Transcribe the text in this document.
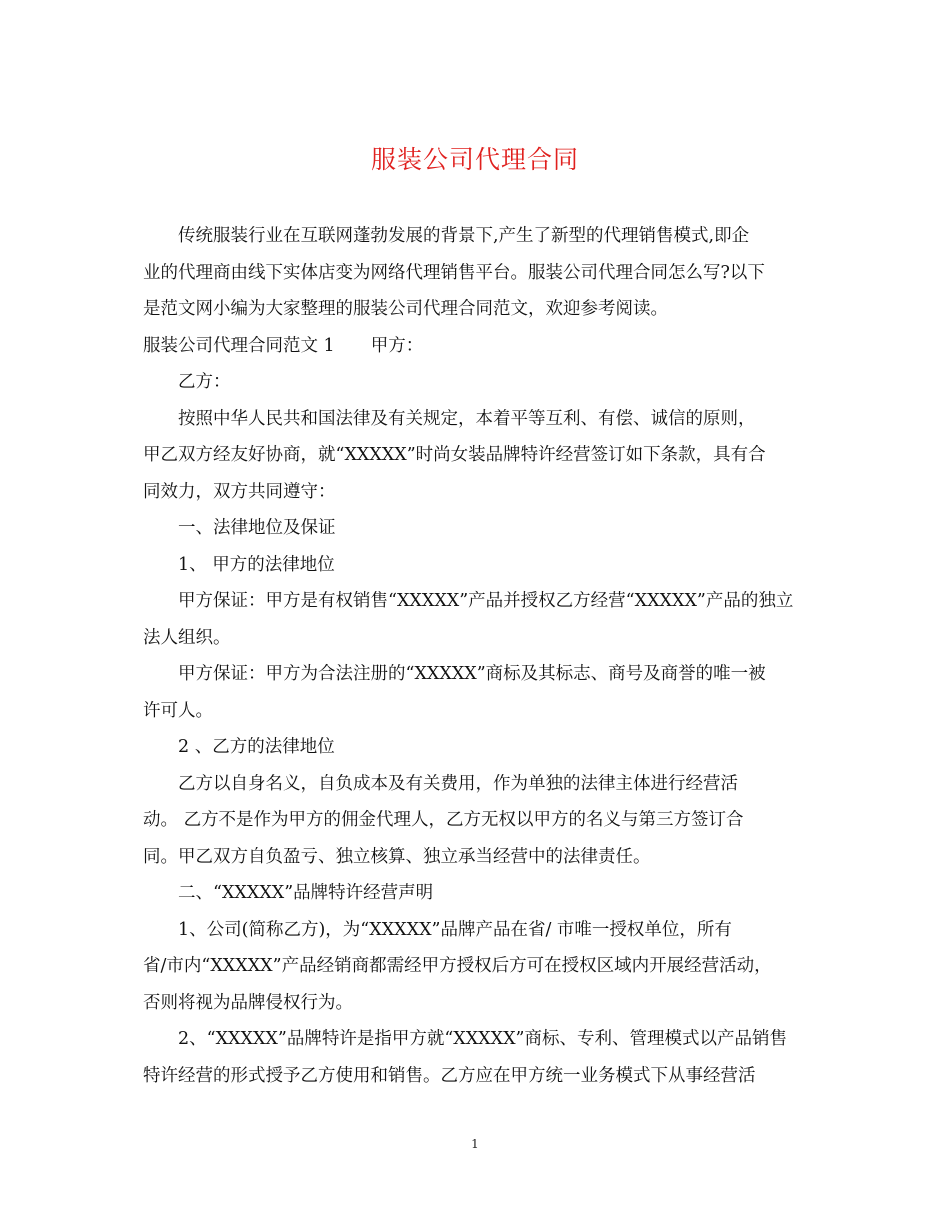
服装公司代理合同
传统服装行业在互联网蓬勃发展的背景下,产生了新型的代理销售模式,即企
业的代理商由线下实体店变为网络代理销售平台。服装公司代理合同怎么写?以下
是范文网小编为大家整理的服装公司代理合同范文，欢迎参考阅读。
服装公司代理合同范文 1 甲方：
乙方：
按照中华人民共和国法律及有关规定，本着平等互利、有偿、诚信的原则，
甲乙双方经友好协商，就“XXXXX”时尚女装品牌特许经营签订如下条款，具有合
同效力，双方共同遵守：
一、法律地位及保证
1、 甲方的法律地位
甲方保证：甲方是有权销售“XXXXX”产品并授权乙方经营“XXXXX”产品的独立
法人组织。
甲方保证：甲方为合法注册的“XXXXX”商标及其标志、商号及商誉的唯一被
许可人。
2 、乙方的法律地位
乙方以自身名义，自负成本及有关费用，作为单独的法律主体进行经营活
动。 乙方不是作为甲方的佣金代理人，乙方无权以甲方的名义与第三方签订合
同。甲乙双方自负盈亏、独立核算、独立承当经营中的法律责任。
二、“XXXXX”品牌特许经营声明
1、公司(简称乙方)，为“XXXXX”品牌产品在省/ 市唯一授权单位，所有
省/市内“XXXXX”产品经销商都需经甲方授权后方可在授权区域内开展经营活动，
否则将视为品牌侵权行为。
2、“XXXXX”品牌特许是指甲方就“XXXXX”商标、专利、管理模式以产品销售
特许经营的形式授予乙方使用和销售。乙方应在甲方统一业务模式下从事经营活
1
